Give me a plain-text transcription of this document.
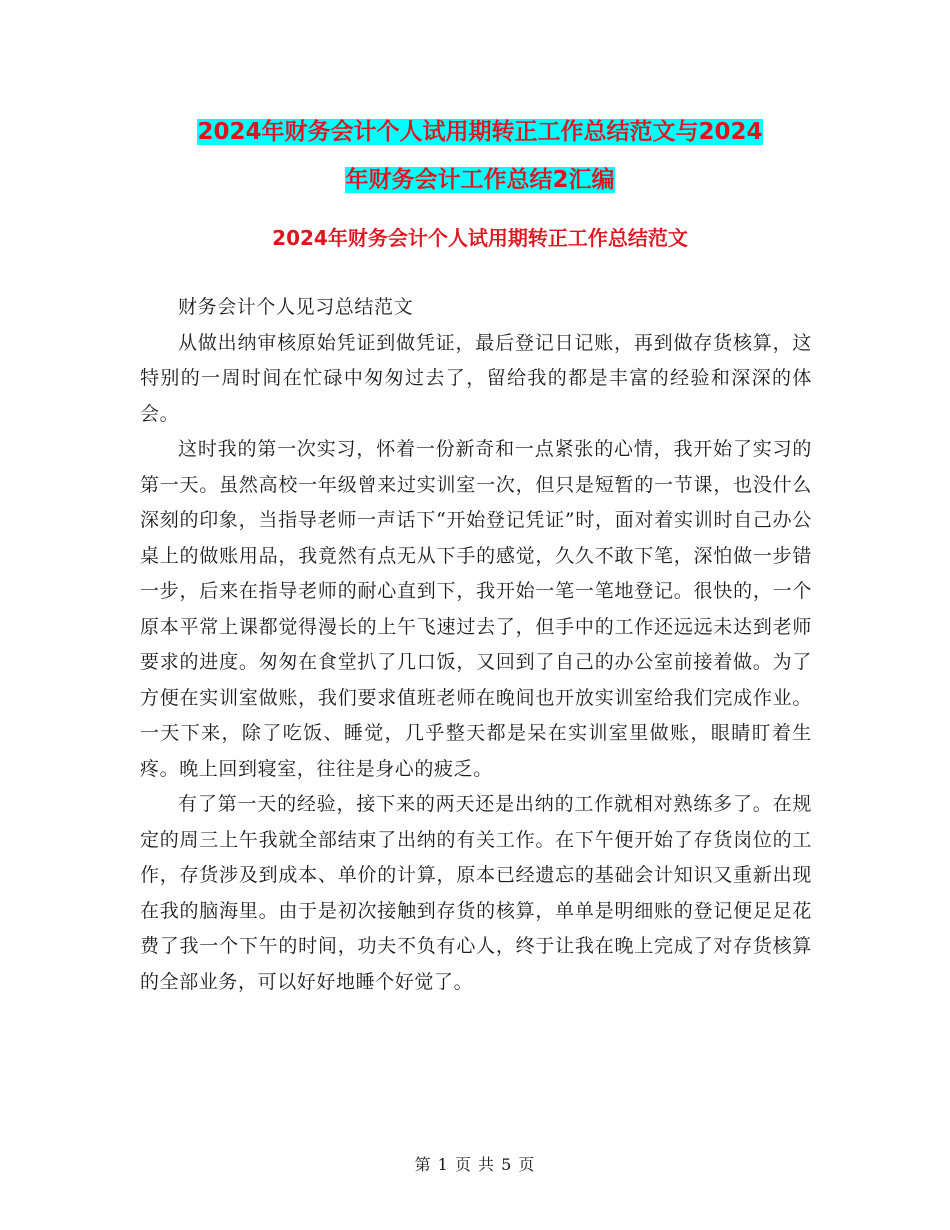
2024年财务会计个人试用期转正工作总结范文与2024
年财务会计工作总结2汇编
2024年财务会计个人试用期转正工作总结范文

财务会计个人见习总结范文

从做出纳审核原始凭证到做凭证，最后登记日记账，再到做存货核算，这特别的一周时间在忙碌中匆匆过去了，留给我的都是丰富的经验和深深的体会。

这时我的第一次实习，怀着一份新奇和一点紧张的心情，我开始了实习的第一天。虽然高校一年级曾来过实训室一次，但只是短暂的一节课，也没什么深刻的印象，当指导老师一声话下“开始登记凭证”时，面对着实训时自己办公桌上的做账用品，我竟然有点无从下手的感觉，久久不敢下笔，深怕做一步错一步，后来在指导老师的耐心直到下，我开始一笔一笔地登记。很快的，一个原本平常上课都觉得漫长的上午飞速过去了，但手中的工作还远远未达到老师要求的进度。匆匆在食堂扒了几口饭，又回到了自己的办公室前接着做。为了方便在实训室做账，我们要求值班老师在晚间也开放实训室给我们完成作业。一天下来，除了吃饭、睡觉，几乎整天都是呆在实训室里做账，眼睛盯着生疼。晚上回到寝室，往往是身心的疲乏。

有了第一天的经验，接下来的两天还是出纳的工作就相对熟练多了。在规定的周三上午我就全部结束了出纳的有关工作。在下午便开始了存货岗位的工作，存货涉及到成本、单价的计算，原本已经遗忘的基础会计知识又重新出现在我的脑海里。由于是初次接触到存货的核算，单单是明细账的登记便足足花费了我一个下午的时间，功夫不负有心人，终于让我在晚上完成了对存货核算的全部业务，可以好好地睡个好觉了。

第 1 页 共 5 页
